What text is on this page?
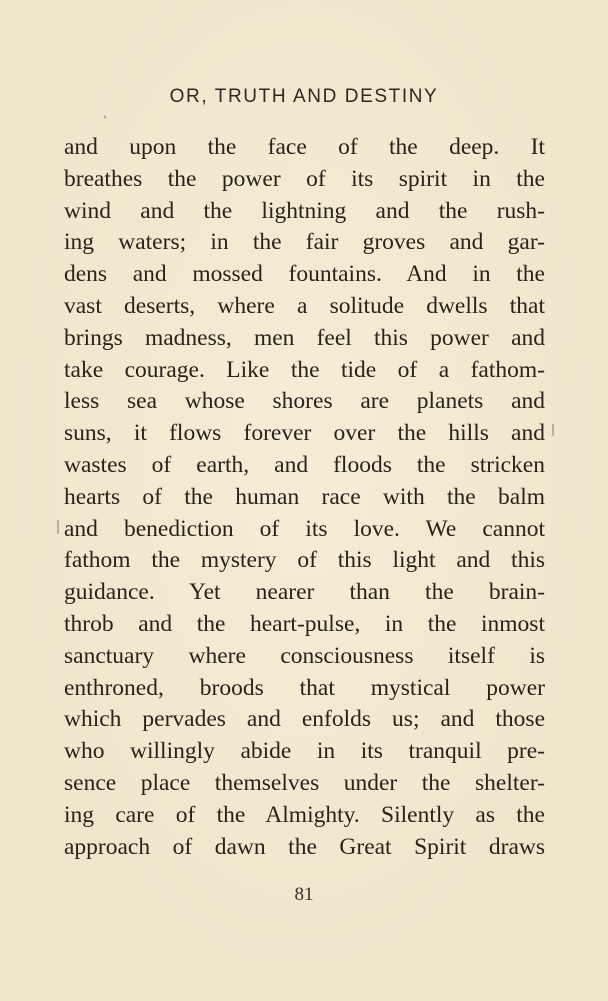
OR, TRUTH AND DESTINY
and upon the face of the deep. It
breathes the power of its spirit in the
wind and the lightning and the rush-
ing waters; in the fair groves and gar-
dens and mossed fountains. And in the
vast deserts, where a solitude dwells that
brings madness, men feel this power and
take courage. Like the tide of a fathom-
less sea whose shores are planets and
suns, it flows forever over the hills and
wastes of earth, and floods the stricken
hearts of the human race with the balm
and benediction of its love. We cannot
fathom the mystery of this light and this
guidance. Yet nearer than the brain-
throb and the heart-pulse, in the inmost
sanctuary where consciousness itself is
enthroned, broods that mystical power
which pervades and enfolds us; and those
who willingly abide in its tranquil pre-
sence place themselves under the shelter-
ing care of the Almighty. Silently as the
approach of dawn the Great Spirit draws
81
